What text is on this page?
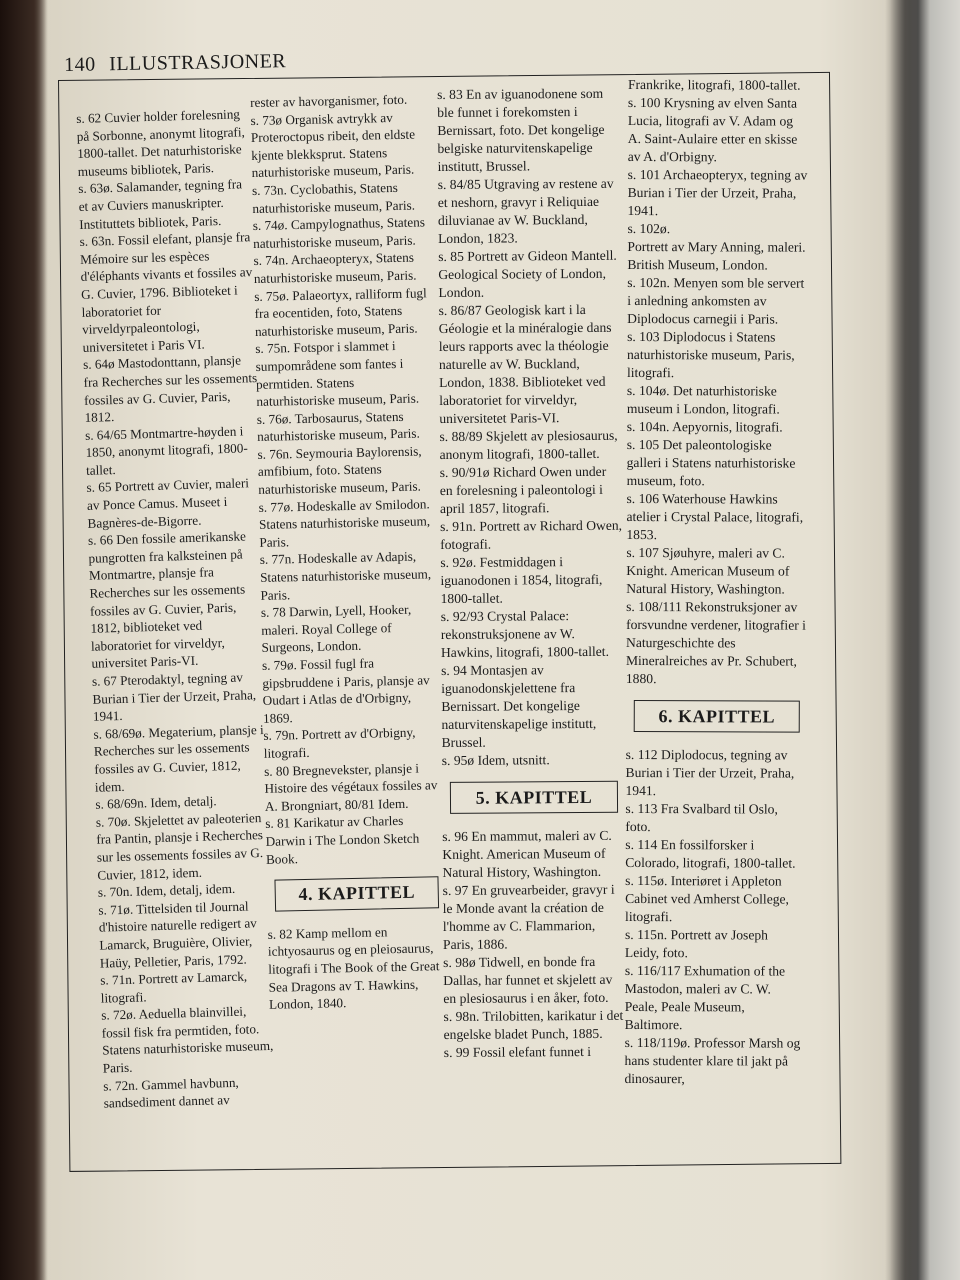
140 ILLUSTRASJONER

s. 62 Cuvier holder forelesning på Sorbonne, anonymt litografi, 1800-tallet. Det naturhistoriske museums bibliotek, Paris.

s. 63ø. Salamander, tegning fra et av Cuviers manuskripter. Instituttets bibliotek, Paris.

s. 63n. Fossil elefant, plansje fra Mémoire sur les espèces d'éléphants vivants et fossiles av G. Cuvier, 1796. Biblioteket i laboratoriet for virveldyrpaleontologi, universitetet i Paris VI.

s. 64ø Mastodonttann, plansje fra Recherches sur les ossements fossiles av G. Cuvier, Paris, 1812.

s. 64/65 Montmartre-høyden i 1850, anonymt litografi, 1800-tallet.

s. 65 Portrett av Cuvier, maleri av Ponce Camus. Museet i Bagnères-de-Bigorre.

s. 66 Den fossile amerikanske pungrotten fra kalksteinen på Montmartre, plansje fra Recherches sur les ossements fossiles av G. Cuvier, Paris, 1812, biblioteket ved laboratoriet for virveldyr, universitet Paris-VI.

s. 67 Pterodaktyl, tegning av Burian i Tier der Urzeit, Praha, 1941.

s. 68/69ø. Megaterium, plansje i Recherches sur les ossements fossiles av G. Cuvier, 1812, idem.

s. 68/69n. Idem, detalj.

s. 70ø. Skjelettet av paleoterien fra Pantin, plansje i Recherches sur les ossements fossiles av G. Cuvier, 1812, idem.

s. 70n. Idem, detalj, idem.

s. 71ø. Tittelsiden til Journal d'histoire naturelle redigert av Lamarck, Bruguière, Olivier, Haüy, Pelletier, Paris, 1792.

s. 71n. Portrett av Lamarck, litografi.

s. 72ø. Aeduella blainvillei, fossil fisk fra permtiden, foto. Statens naturhistoriske museum, Paris.

s. 72n. Gammel havbunn, sandsediment dannet av

rester av havorganismer, foto.

s. 73ø Organisk avtrykk av Proteroctopus ribeit, den eldste kjente blekksprut. Statens naturhistoriske museum, Paris.

s. 73n. Cyclobathis, Statens naturhistoriske museum, Paris.

s. 74ø. Campylognathus, Statens naturhistoriske museum, Paris.

s. 74n. Archaeopteryx, Statens naturhistoriske museum, Paris.

s. 75ø. Palaeortyx, ralliform fugl fra eocentiden, foto, Statens naturhistoriske museum, Paris.

s. 75n. Fotspor i slammet i sumpområdene som fantes i permtiden. Statens naturhistoriske museum, Paris.

s. 76ø. Tarbosaurus, Statens naturhistoriske museum, Paris.

s. 76n. Seymouria Baylorensis, amfibium, foto. Statens naturhistoriske museum, Paris.

s. 77ø. Hodeskalle av Smilodon. Statens naturhistoriske museum, Paris.

s. 77n. Hodeskalle av Adapis, Statens naturhistoriske museum, Paris.

s. 78 Darwin, Lyell, Hooker, maleri. Royal College of Surgeons, London.

s. 79ø. Fossil fugl fra gipsbruddene i Paris, plansje av Oudart i Atlas de d'Orbigny, 1869.

s. 79n. Portrett av d'Orbigny, litografi.

s. 80 Bregnevekster, plansje i Histoire des végétaux fossiles av A. Brongniart, 80/81 Idem.

s. 81 Karikatur av Charles Darwin i The London Sketch Book.

4. KAPITTEL

s. 82 Kamp mellom en ichtyosaurus og en pleiosaurus, litografi i The Book of the Great Sea Dragons av T. Hawkins, London, 1840.

s. 83 En av iguanodonene som ble funnet i forekomsten i Bernissart, foto. Det kongelige belgiske naturvitenskapelige institutt, Brussel.

s. 84/85 Utgraving av restene av et neshorn, gravyr i Reliquiae diluvianae av W. Buckland, London, 1823.

s. 85 Portrett av Gideon Mantell. Geological Society of London, London.

s. 86/87 Geologisk kart i la Géologie et la minéralogie dans leurs rapports avec la théologie naturelle av W. Buckland, London, 1838. Biblioteket ved laboratoriet for virveldyr, universitetet Paris-VI.

s. 88/89 Skjelett av plesiosaurus, anonym litografi, 1800-tallet.

s. 90/91ø Richard Owen under en forelesning i paleontologi i april 1857, litografi.

s. 91n. Portrett av Richard Owen, fotografi.

s. 92ø. Festmiddagen i iguanodonen i 1854, litografi, 1800-tallet.

s. 92/93 Crystal Palace: rekonstruksjonene av W. Hawkins, litografi, 1800-tallet.

s. 94 Montasjen av iguanodonskjelettene fra Bernissart. Det kongelige naturvitenskapelige institutt, Brussel.

s. 95ø Idem, utsnitt.

5. KAPITTEL

s. 96 En mammut, maleri av C. Knight. American Museum of Natural History, Washington.

s. 97 En gruvearbeider, gravyr i le Monde avant la création de l'homme av C. Flammarion, Paris, 1886.

s. 98ø Tidwell, en bonde fra Dallas, har funnet et skjelett av en plesiosaurus i en åker, foto.

s. 98n. Trilobitten, karikatur i det engelske bladet Punch, 1885.

s. 99 Fossil elefant funnet i

Frankrike, litografi, 1800-tallet.

s. 100 Krysning av elven Santa Lucia, litografi av V. Adam og A. Saint-Aulaire etter en skisse av A. d'Orbigny.

s. 101 Archaeopteryx, tegning av Burian i Tier der Urzeit, Praha, 1941.

s. 102ø.

Portrett av Mary Anning, maleri. British Museum, London.

s. 102n. Menyen som ble servert i anledning ankomsten av Diplodocus carnegii i Paris.

s. 103 Diplodocus i Statens naturhistoriske museum, Paris, litografi.

s. 104ø. Det naturhistoriske museum i London, litografi.

s. 104n. Aepyornis, litografi.

s. 105 Det paleontologiske galleri i Statens naturhistoriske museum, foto.

s. 106 Waterhouse Hawkins atelier i Crystal Palace, litografi, 1853.

s. 107 Sjøuhyre, maleri av C. Knight. American Museum of Natural History, Washington.

s. 108/111 Rekonstruksjoner av forsvundne verdener, litografier i Naturgeschichte des Mineralreiches av Pr. Schubert, 1880.

6. KAPITTEL

s. 112 Diplodocus, tegning av Burian i Tier der Urzeit, Praha, 1941.

s. 113 Fra Svalbard til Oslo, foto.

s. 114 En fossilforsker i Colorado, litografi, 1800-tallet.

s. 115ø. Interiøret i Appleton Cabinet ved Amherst College, litografi.

s. 115n. Portrett av Joseph Leidy, foto.

s. 116/117 Exhumation of the Mastodon, maleri av C. W. Peale, Peale Museum, Baltimore.

s. 118/119ø. Professor Marsh og hans studenter klare til jakt på dinosaurer,
